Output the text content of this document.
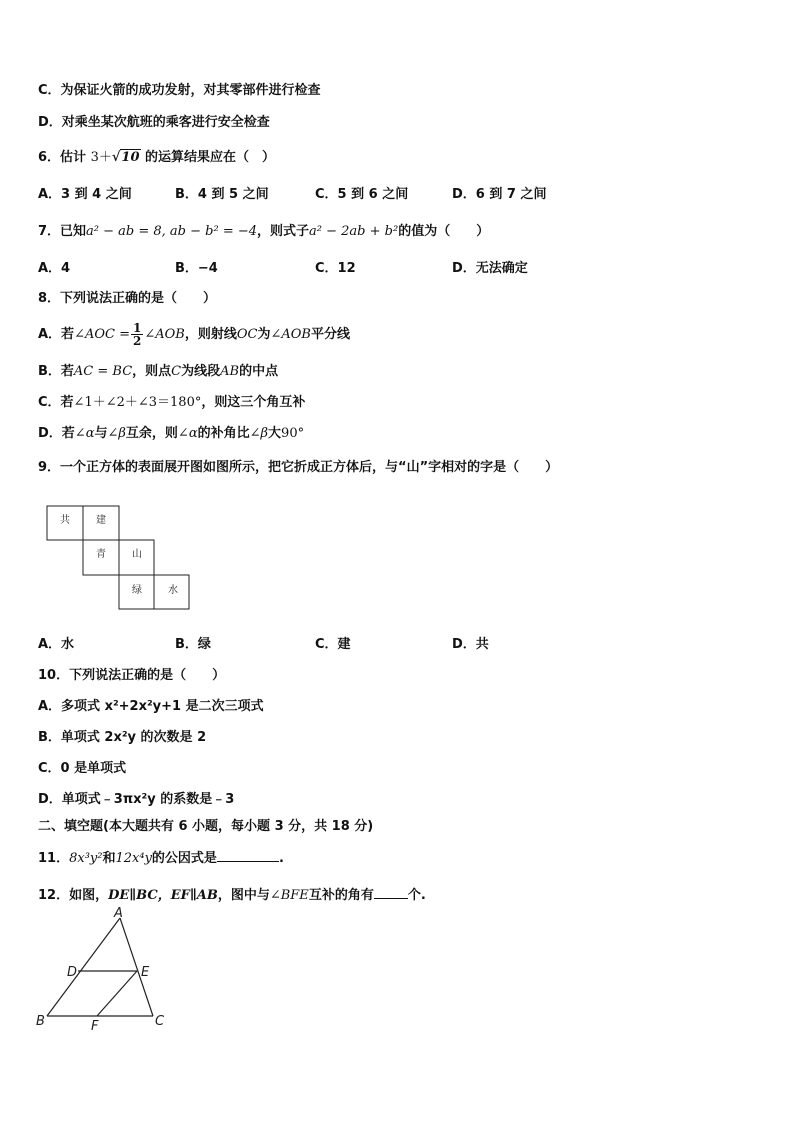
C．为保证火箭的成功发射，对其零部件进行检查
D．对乘坐某次航班的乘客进行安全检查
6．估计 3＋√10 的运算结果应在（　）
A．3 到 4 之间	B．4 到 5 之间	C．5 到 6 之间	D．6 到 7 之间
7．已知a² − ab = 8, ab − b² = −4，则式子a² − 2ab + b²的值为（　　）
A．4	B．−4	C．12	D．无法确定
8．下列说法正确的是（　　）
A．若∠AOC = $\frac{1}{2}$ ∠AOB，则射线OC为∠AOB平分线
B．若AC = BC，则点C为线段AB的中点
C．若∠1＋∠2＋∠3＝180°，则这三个角互补
D．若∠α与∠β互余，则∠α的补角比∠β大90°
9．一个正方体的表面展开图如图所示，把它折成正方体后，与“山”字相对的字是（　　）
共	建
青	山
绿	水
A．水	B．绿	C．建	D．共
10．下列说法正确的是（　　）
A．多项式 x²+2x²y+1 是二次三项式
B．单项式 2x²y 的次数是 2
C．0 是单项式
D．单项式﹣3πx²y 的系数是﹣3
二、填空题(本大题共有 6 小题，每小题 3 分，共 18 分)
11．8x³y²和12x⁴y的公因式是	.
12．如图，DE∥BC，EF∥AB，图中与∠BFE互补的角有	个.
A
D	E
B	F	C
